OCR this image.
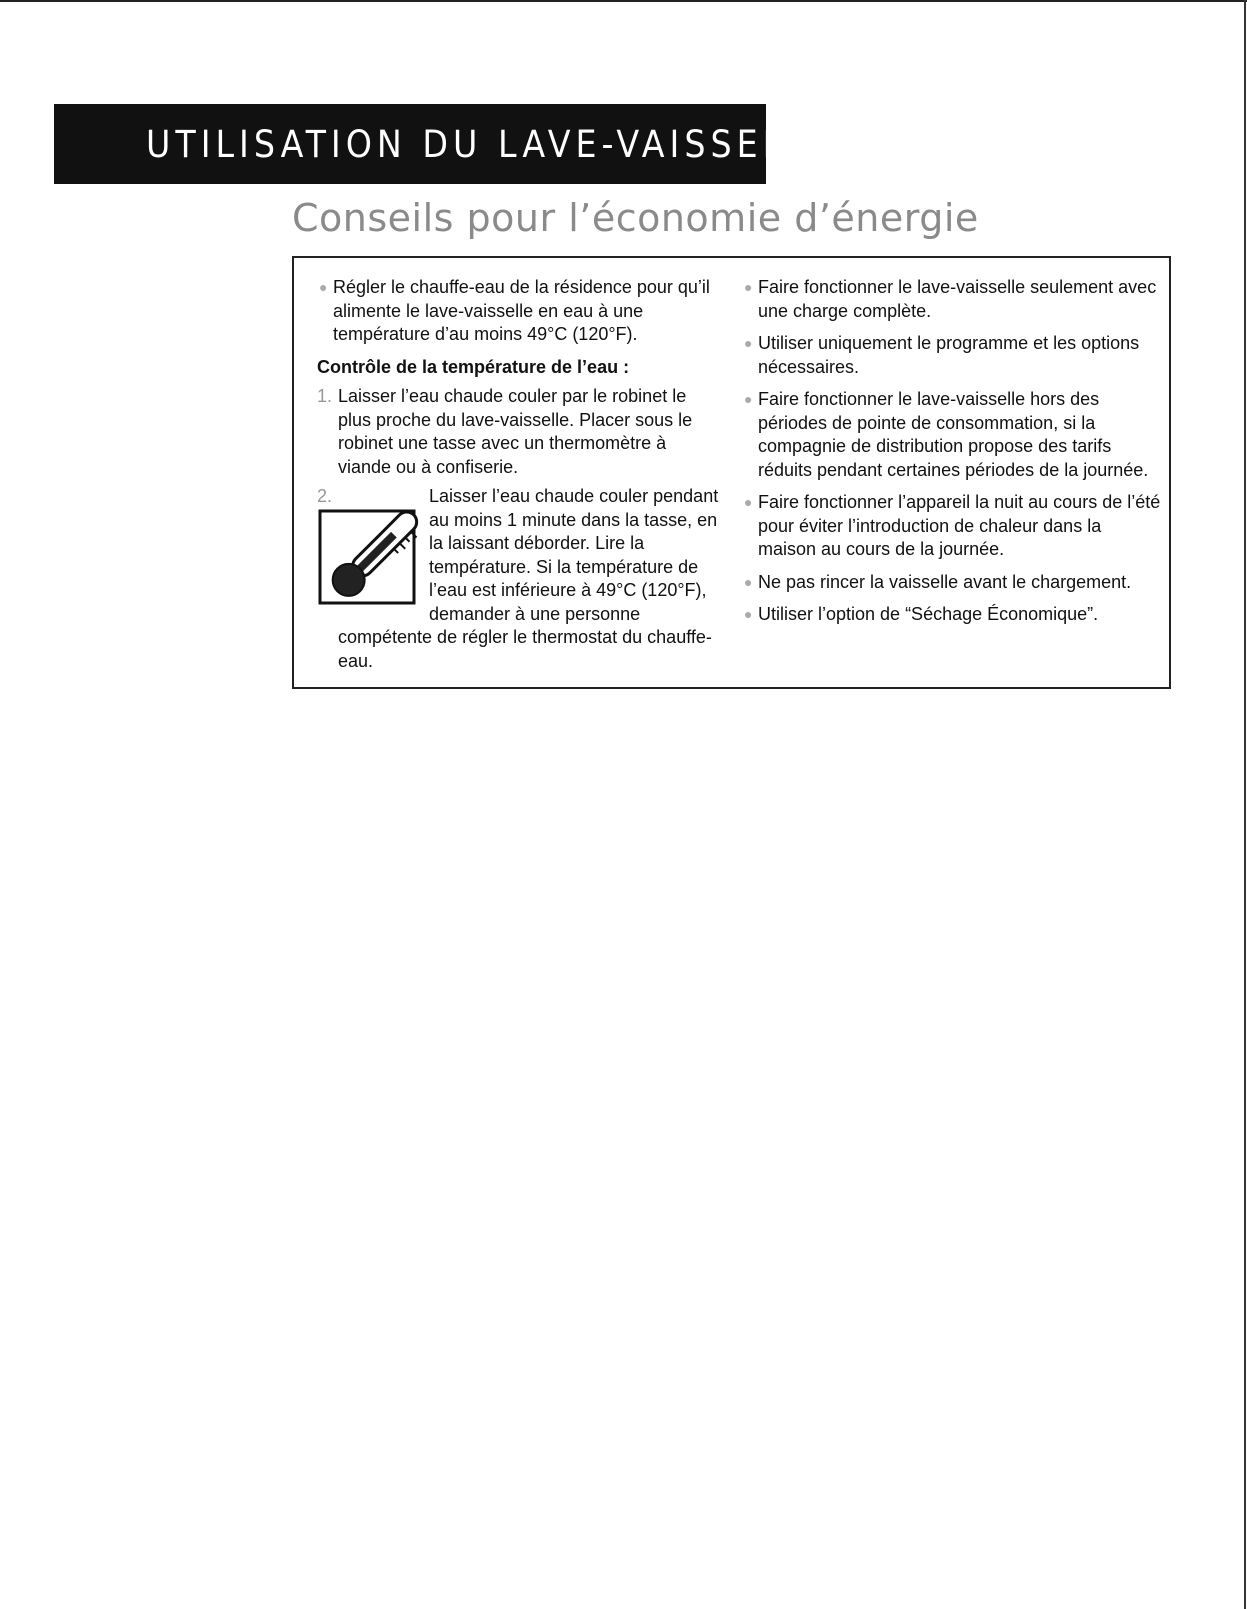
UTILISATION DU LAVE-VAISSELLE
Conseils pour l’économie d’énergie

● Régler le chauffe-eau de la résidence pour qu’il alimente le lave-vaisselle en eau à une température d’au moins 49°C (120°F).

Contrôle de la température de l’eau :

1. Laisser l’eau chaude couler par le robinet le plus proche du lave-vaisselle. Placer sous le robinet une tasse avec un thermomètre à viande ou à confiserie.

2.	Laisser l’eau chaude couler pendant au moins 1 minute dans la tasse, en la laissant déborder. Lire la température. Si la température de l’eau est inférieure à 49°C (120°F), demander à une personne compétente de régler le thermostat du chauffe-eau.

● Faire fonctionner le lave-vaisselle seulement avec une charge complète.

● Utiliser uniquement le programme et les options nécessaires.

● Faire fonctionner le lave-vaisselle hors des périodes de pointe de consommation, si la compagnie de distribution propose des tarifs réduits pendant certaines périodes de la journée.

● Faire fonctionner l’appareil la nuit au cours de l’été pour éviter l’introduction de chaleur dans la maison au cours de la journée.

● Ne pas rincer la vaisselle avant le chargement.

● Utiliser l’option de “Séchage Économique”.
